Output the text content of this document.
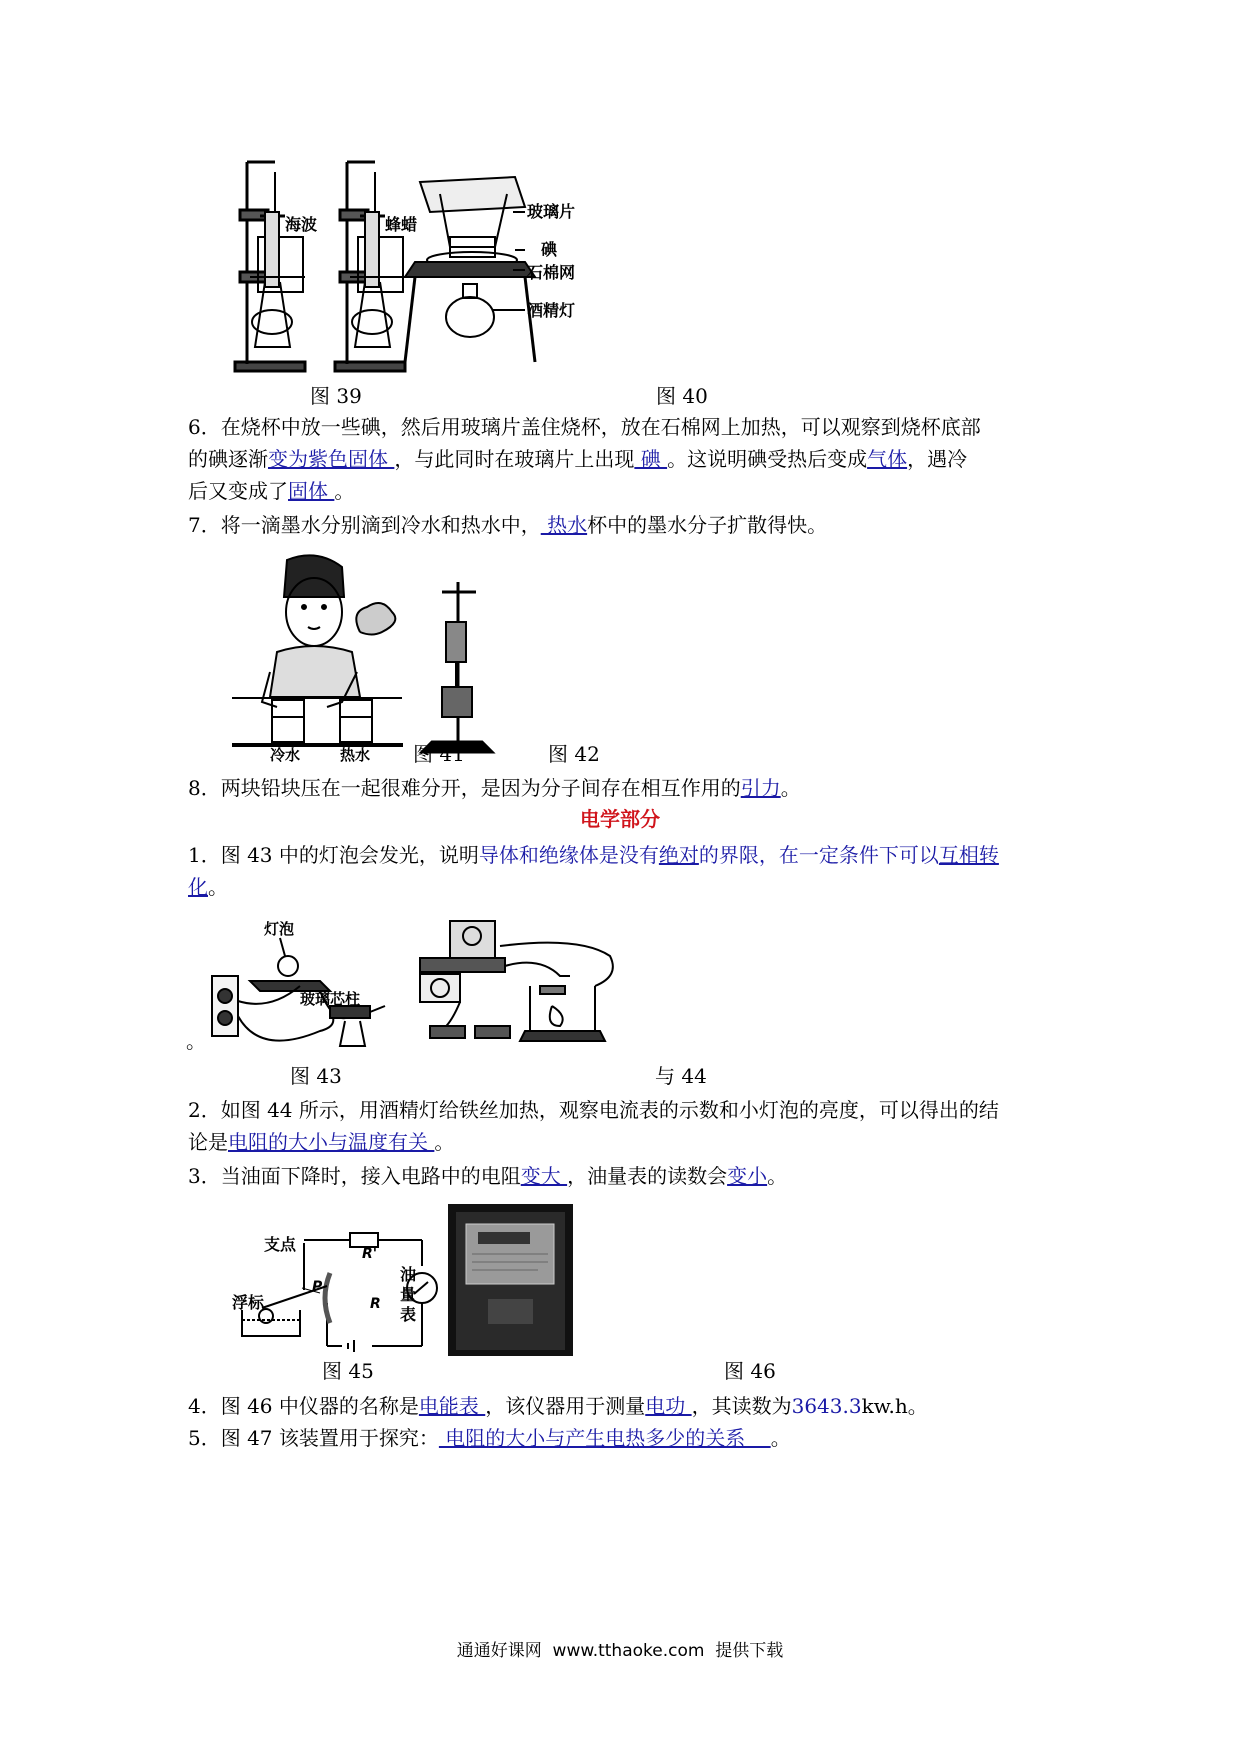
海波	蜂蜡
玻璃片
碘
石棉网
酒精灯
图 39	图 40
6．在烧杯中放一些碘，然后用玻璃片盖住烧杯，放在石棉网上加热，可以观察到烧杯底部
的碘逐渐变为紫色固体 ，与此同时在玻璃片上出现 碘 。这说明碘受热后变成气体，遇冷
后又变成了固体 。
7．将一滴墨水分别滴到冷水和热水中， 热水杯中的墨水分子扩散得快。
冷水	热水 图 41	图 42
8．两块铅块压在一起很难分开，是因为分子间存在相互作用的引力。
电学部分
1．图 43 中的灯泡会发光，说明导体和绝缘体是没有绝对的界限，在一定条件下可以互相转
化。
灯泡
玻璃芯柱
。
图 43	与 44
2．如图 44 所示，用酒精灯给铁丝加热，观察电流表的示数和小灯泡的亮度，可以得出的结
论是电阻的大小与温度有关 。
3．当油面下降时，接入电路中的电阻变大 ，油量表的读数会变小。
支点
浮标
P
R
R'
油
量
表
图 45	图 46
4．图 46 中仪器的名称是电能表 ，该仪器用于测量电功 ，其读数为3643.3kw.h。
5．图 47 该装置用于探究： 电阻的大小与产生电热多少的关系    。
通通好课网  www.tthaoke.com  提供下载
